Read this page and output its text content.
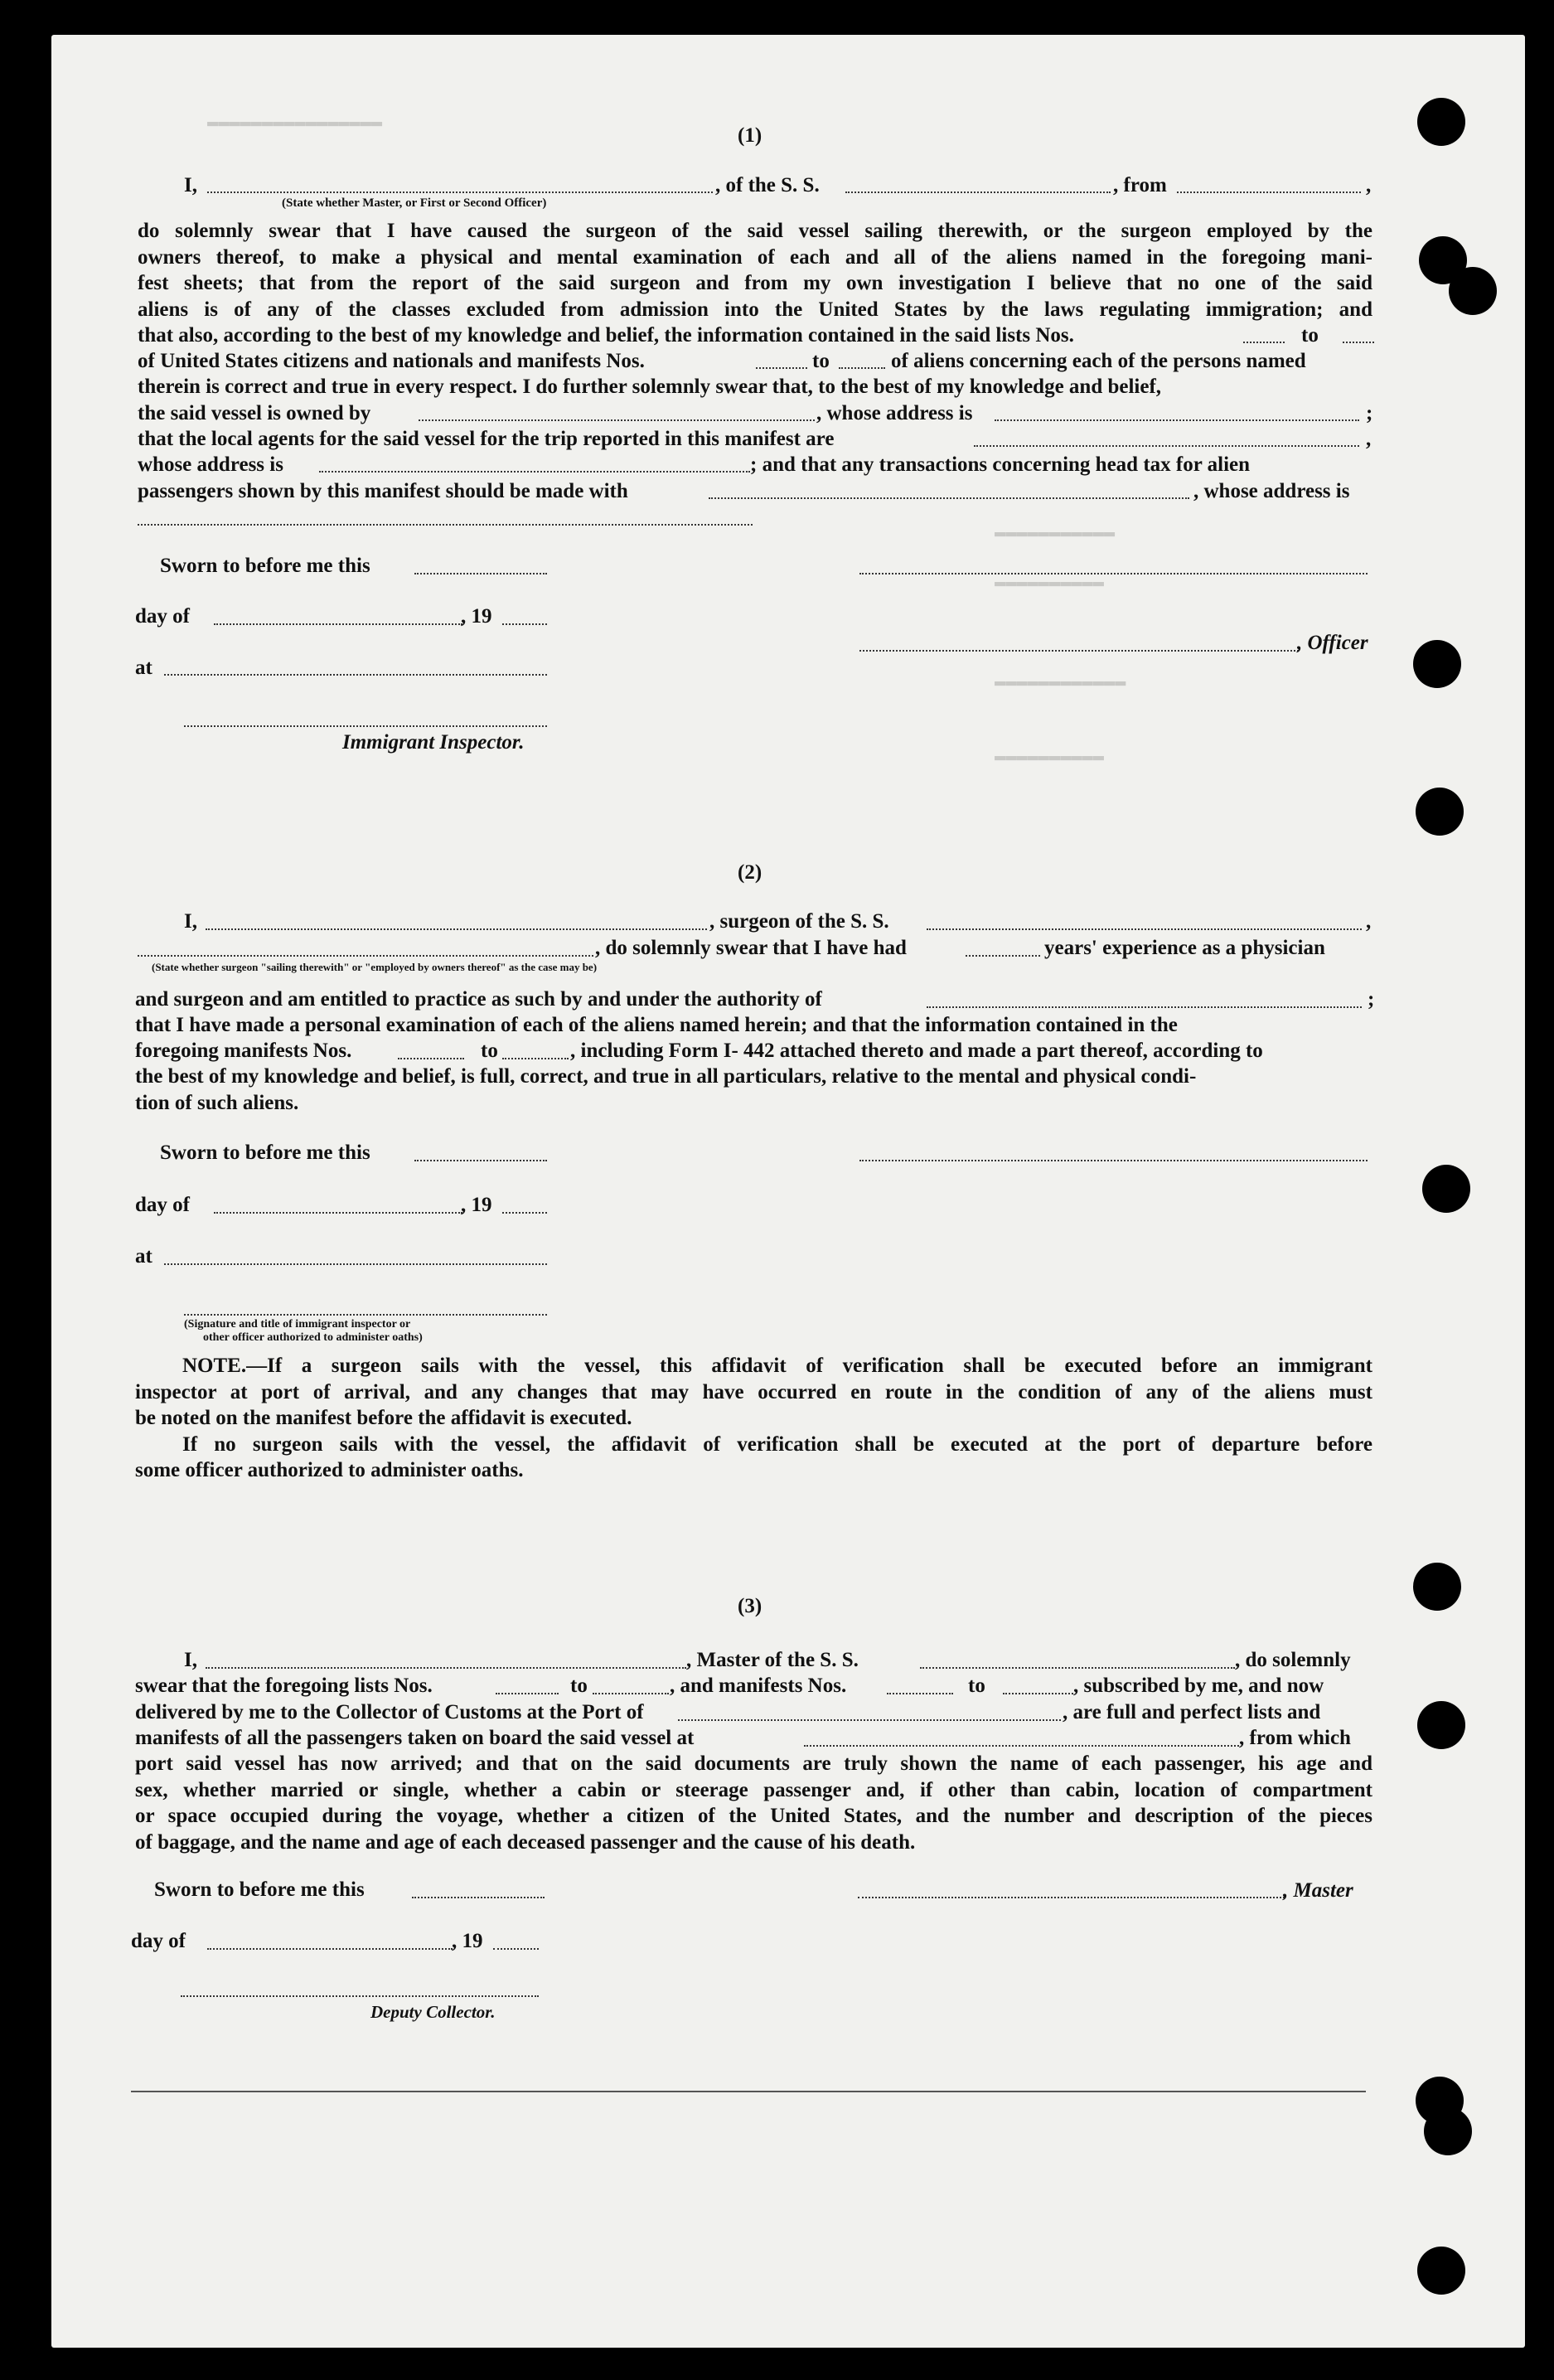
▬▬▬▬▬▬▬▬▬▬▬▬▬▬▬▬
▬▬▬▬▬▬▬▬▬▬▬
▬▬▬▬▬▬▬▬▬▬
▬▬▬▬▬▬▬▬▬▬▬▬
▬▬▬▬▬▬▬▬▬▬
(1)
I,	, of the S. S.	, from	,
(State whether Master, or First or Second Officer)
do solemnly swear that I have caused the surgeon of the said vessel sailing therewith, or the surgeon employed by the
owners thereof, to make a physical and mental examination of each and all of the aliens named in the foregoing mani-
fest sheets; that from the report of the said surgeon and from my own investigation I believe that no one of the said
aliens is of any of the classes excluded from admission into the United States by the laws regulating immigration; and
that also, according to the best of my knowledge and belief, the information contained in the said lists Nos.	to
of United States citizens and nationals and manifests Nos.	to	of aliens concerning each of the persons named
therein is correct and true in every respect. I do further solemnly swear that, to the best of my knowledge and belief,
the said vessel is owned by	, whose address is	;
that the local agents for the said vessel for the trip reported in this manifest are	,
whose address is	; and that any transactions concerning head tax for alien
passengers shown by this manifest should be made with	, whose address is
Sworn to before me this
day of	, 19
, Officer
at
Immigrant Inspector.
(2)
I,	, surgeon of the S. S.	,
, do solemnly swear that I have had	years' experience as a physician
(State whether surgeon "sailing therewith" or "employed by owners thereof" as the case may be)
and surgeon and am entitled to practice as such by and under the authority of	;
that I have made a personal examination of each of the aliens named herein; and that the information contained in the
foregoing manifests Nos.	to	, including Form I- 442 attached thereto and made a part thereof, according to
the best of my knowledge and belief, is full, correct, and true in all particulars, relative to the mental and physical condi-
tion of such aliens.
Sworn to before me this
day of	, 19
at
(Signature and title of immigrant inspector or
other officer authorized to administer oaths)
NOTE.—If a surgeon sails with the vessel, this affidavit of verification shall be executed before an immigrant
inspector at port of arrival, and any changes that may have occurred en route in the condition of any of the aliens must
be noted on the manifest before the affidavit is executed.
If no surgeon sails with the vessel, the affidavit of verification shall be executed at the port of departure before
some officer authorized to administer oaths.
(3)
I,	, Master of the S. S.	, do solemnly
swear that the foregoing lists Nos.	to	, and manifests Nos.	to	, subscribed by me, and now
delivered by me to the Collector of Customs at the Port of	, are full and perfect lists and
manifests of all the passengers taken on board the said vessel at	, from which
port said vessel has now arrived; and that on the said documents are truly shown the name of each passenger, his age and
sex, whether married or single, whether a cabin or steerage passenger and, if other than cabin, location of compartment
or space occupied during the voyage, whether a citizen of the United States, and the number and description of the pieces
of baggage, and the name and age of each deceased passenger and the cause of his death.
Sworn to before me this	, Master
day of	, 19
Deputy Collector.
